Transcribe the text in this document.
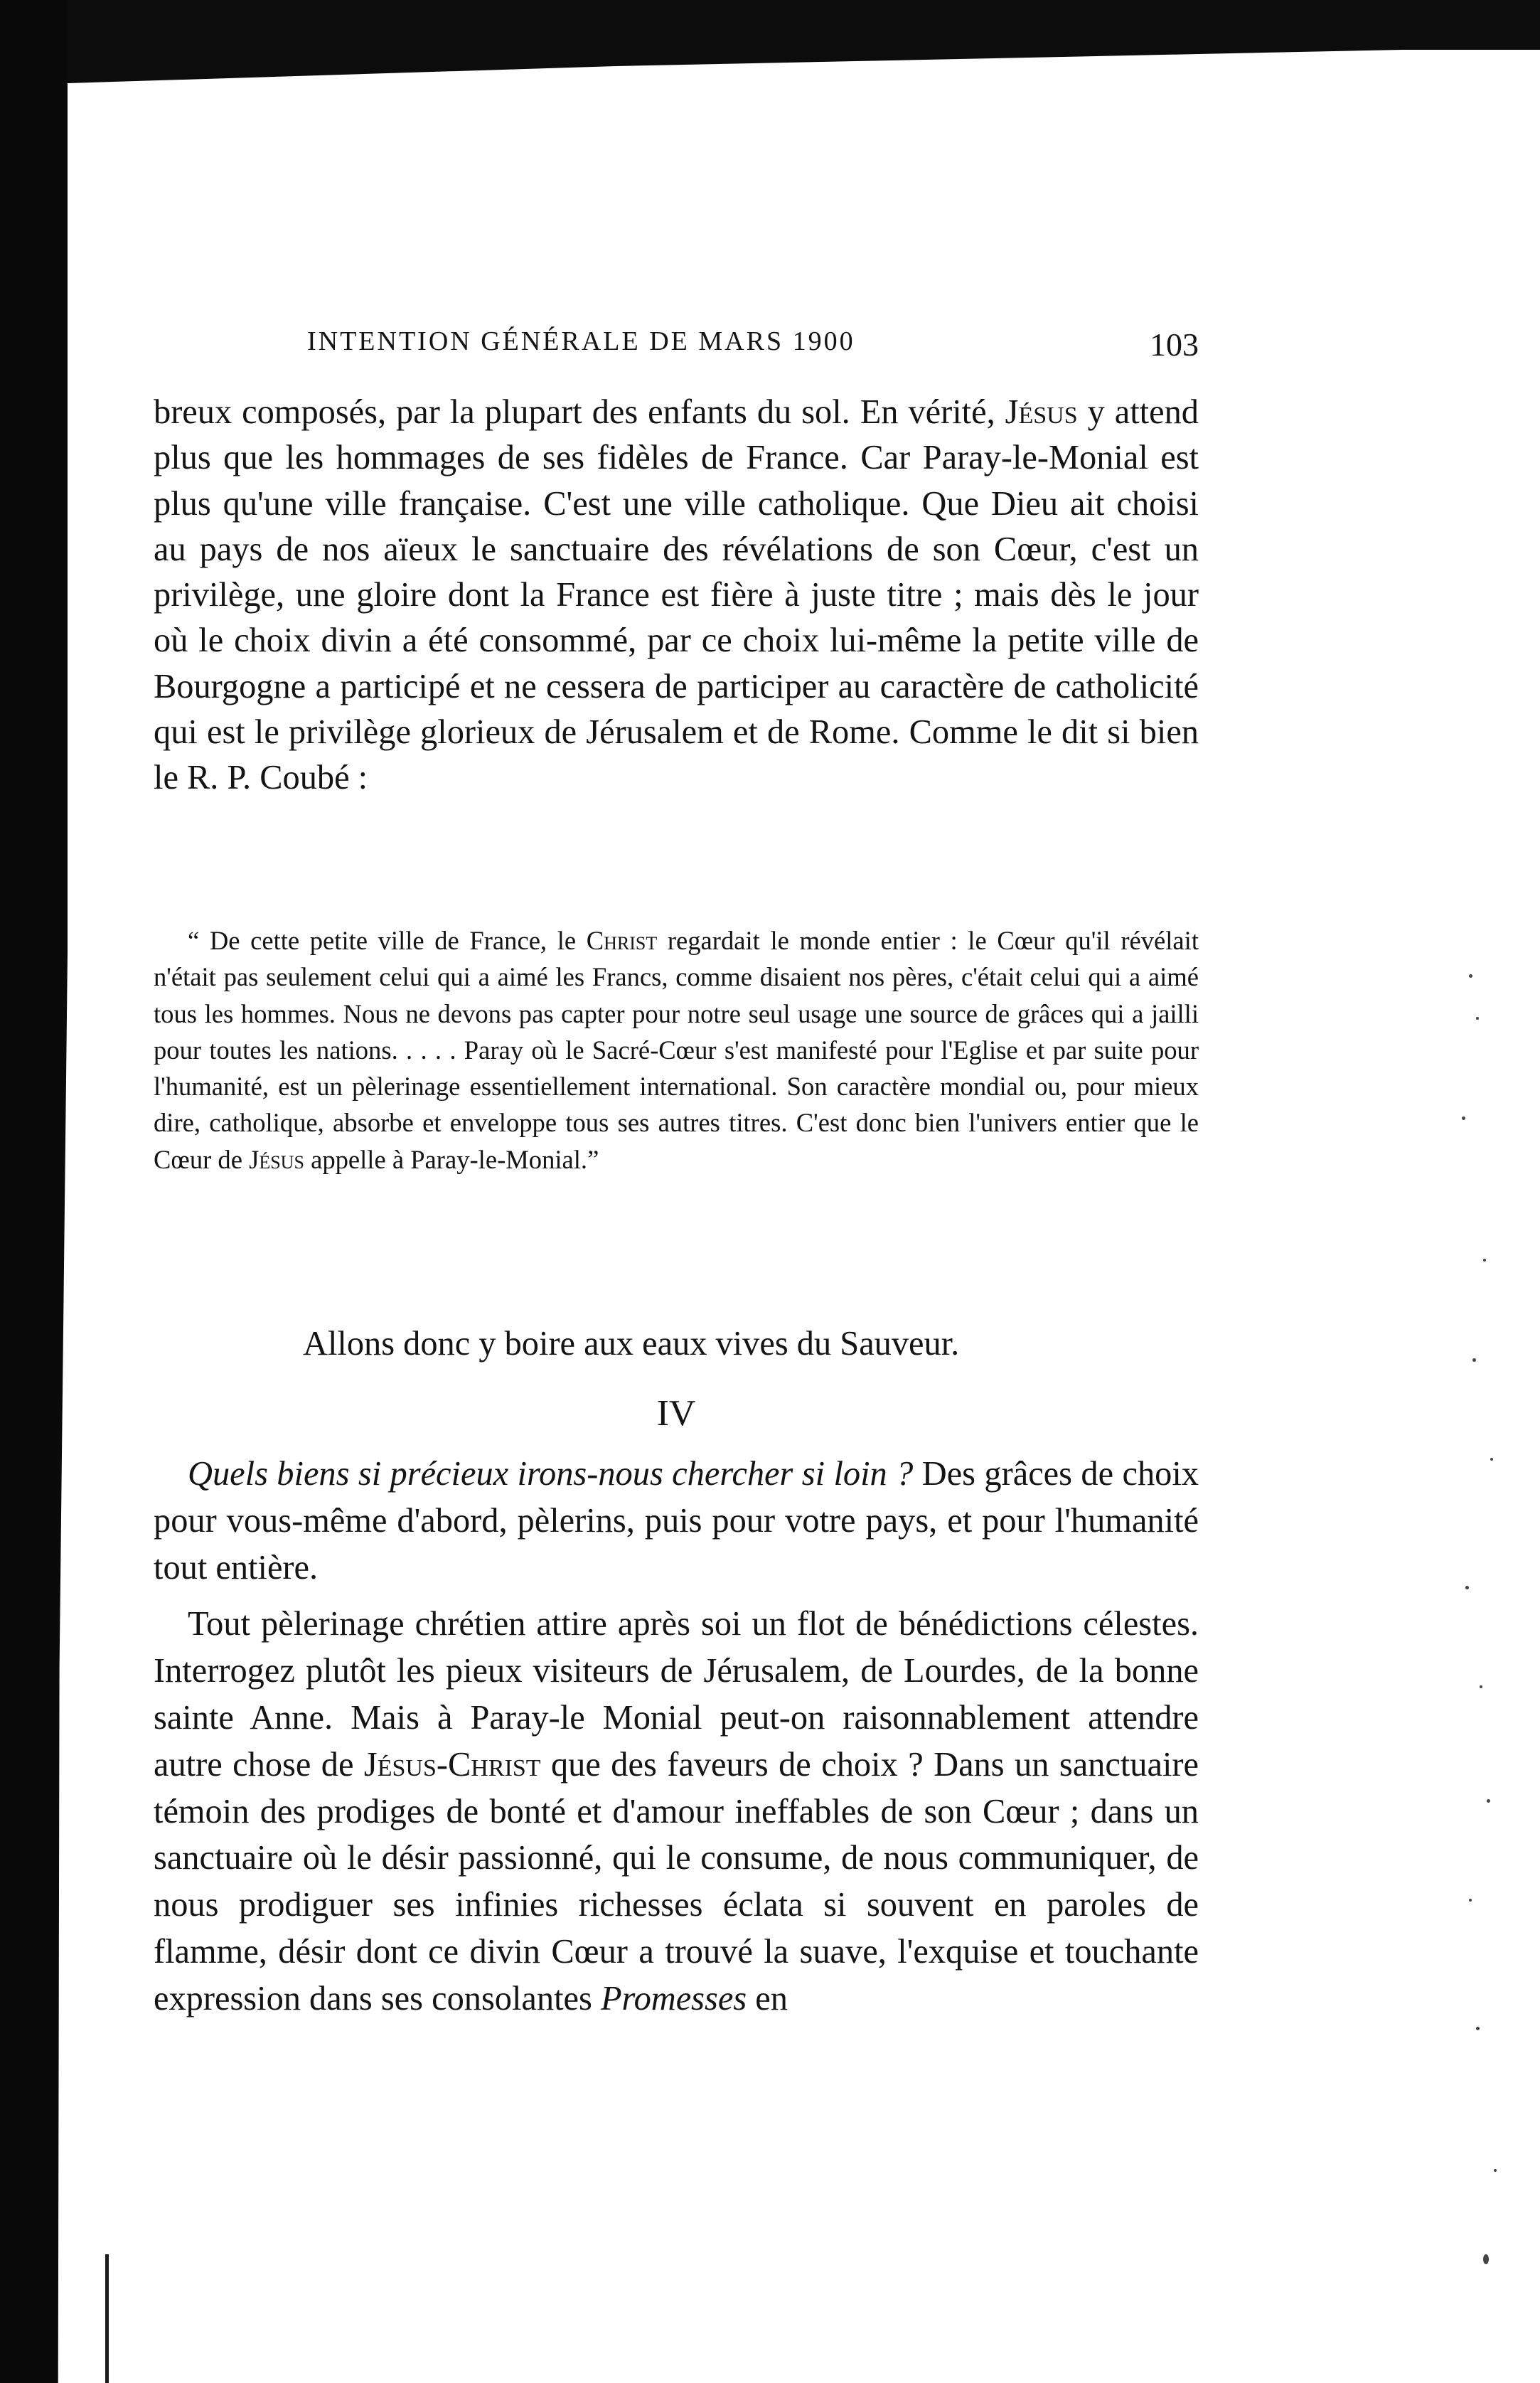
INTENTION GÉNÉRALE DE MARS 1900	103

breux composés, par la plupart des enfants du sol. En vérité, Jésus y attend plus que les hommages de ses fidèles de France. Car Paray-le-Monial est plus qu'une ville française. C'est une ville catholique. Que Dieu ait choisi au pays de nos aïeux le sanctuaire des révélations de son Cœur, c'est un privilège, une gloire dont la France est fière à juste titre ; mais dès le jour où le choix divin a été consommé, par ce choix lui-même la petite ville de Bourgogne a participé et ne cessera de participer au caractère de catholicité qui est le privilège glorieux de Jérusalem et de Rome. Comme le dit si bien le R. P. Coubé :

“ De cette petite ville de France, le Christ regardait le monde entier : le Cœur qu'il révélait n'était pas seulement celui qui a aimé les Francs, comme disaient nos pères, c'était celui qui a aimé tous les hommes. Nous ne devons pas capter pour notre seul usage une source de grâces qui a jailli pour toutes les nations. . . . . Paray où le Sacré-Cœur s'est manifesté pour l'Eglise et par suite pour l'humanité, est un pèlerinage essentiellement international. Son caractère mondial ou, pour mieux dire, catholique, absorbe et enveloppe tous ses autres titres. C'est donc bien l'univers entier que le Cœur de Jésus appelle à Paray-le-Monial.”

Allons donc y boire aux eaux vives du Sauveur.

IV

Quels biens si précieux irons-nous chercher si loin ? Des grâces de choix pour vous-même d'abord, pèlerins, puis pour votre pays, et pour l'humanité tout entière.

Tout pèlerinage chrétien attire après soi un flot de bénédictions célestes. Interrogez plutôt les pieux visiteurs de Jérusalem, de Lourdes, de la bonne sainte Anne. Mais à Paray-le Monial peut-on raisonnablement attendre autre chose de Jésus-Christ que des faveurs de choix ? Dans un sanctuaire témoin des prodiges de bonté et d'amour ineffables de son Cœur ; dans un sanctuaire où le désir passionné, qui le consume, de nous communiquer, de nous prodiguer ses infinies richesses éclata si souvent en paroles de flamme, désir dont ce divin Cœur a trouvé la suave, l'exquise et touchante expression dans ses consolantes Promesses en
